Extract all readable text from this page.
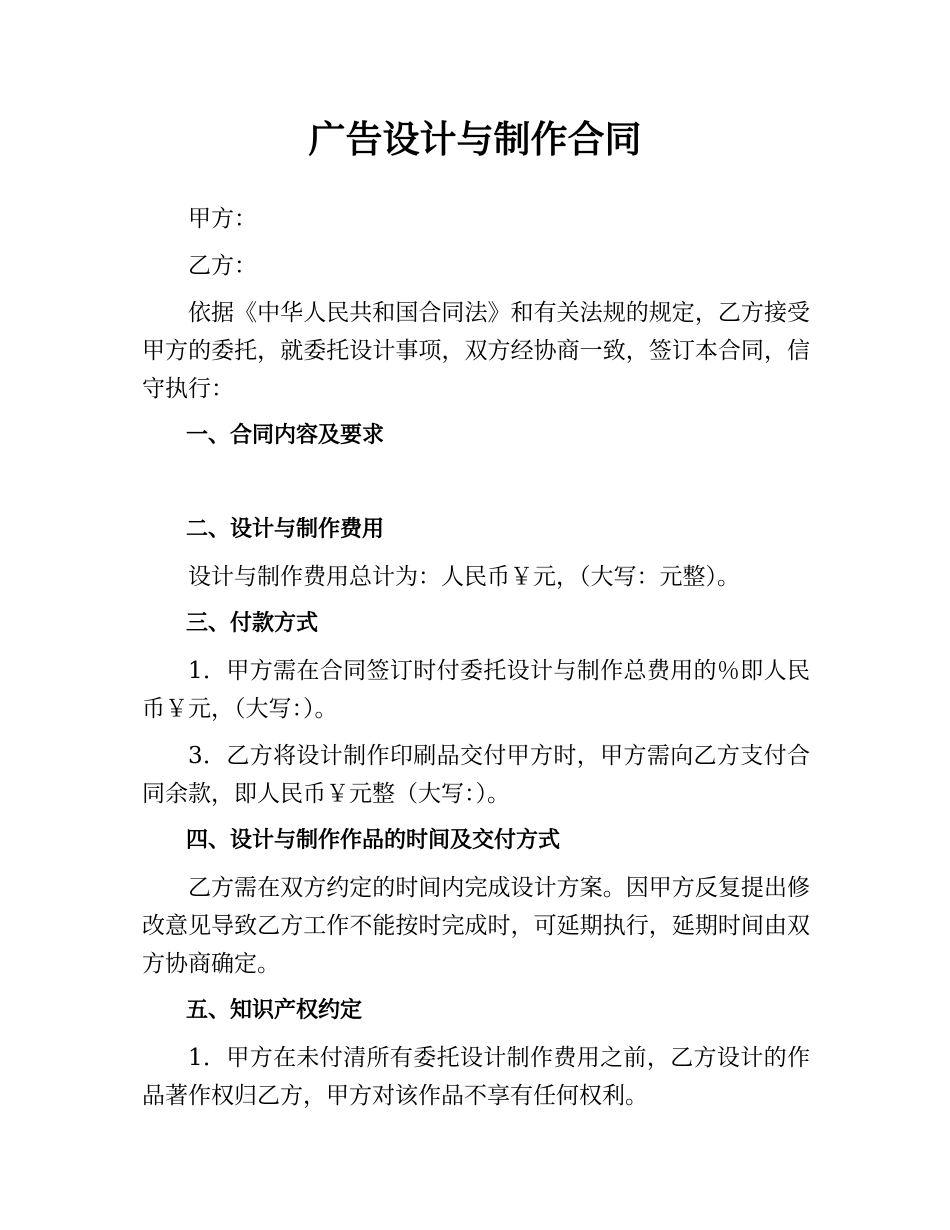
广告设计与制作合同

甲方：

乙方：

依据《中华人民共和国合同法》和有关法规的规定，乙方接受甲方的委托，就委托设计事项，双方经协商一致，签订本合同，信守执行：

一、合同内容及要求

二、设计与制作费用

设计与制作费用总计为：人民币￥元，（大写：元整）。

三、付款方式

1．甲方需在合同签订时付委托设计与制作总费用的％即人民币￥元，（大写：）。

3．乙方将设计制作印刷品交付甲方时，甲方需向乙方支付合同余款，即人民币￥元整（大写：）。

四、设计与制作作品的时间及交付方式

乙方需在双方约定的时间内完成设计方案。因甲方反复提出修改意见导致乙方工作不能按时完成时，可延期执行，延期时间由双方协商确定。

五、知识产权约定

1．甲方在未付清所有委托设计制作费用之前，乙方设计的作品著作权归乙方，甲方对该作品不享有任何权利。
